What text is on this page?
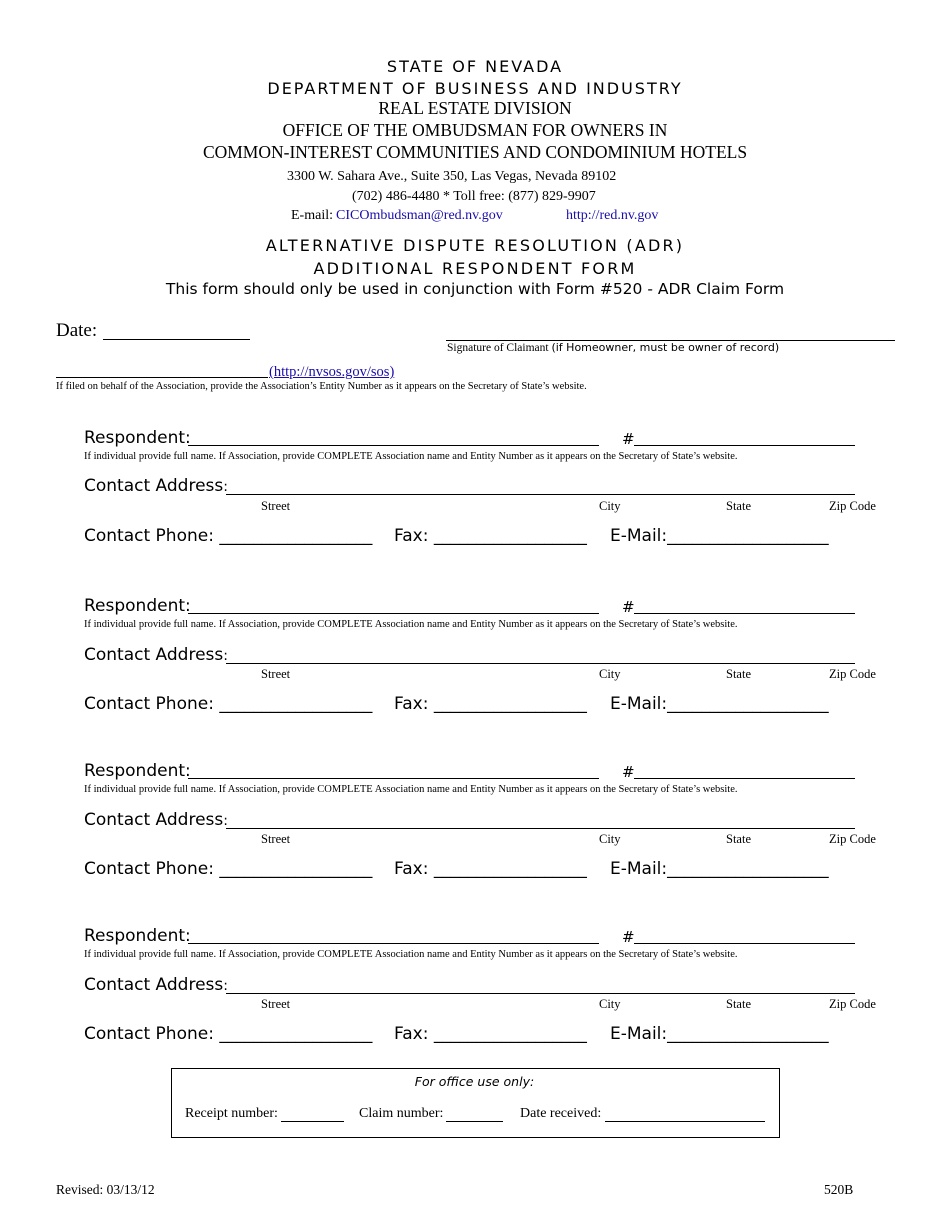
STATE OF NEVADA
DEPARTMENT OF BUSINESS AND INDUSTRY
REAL ESTATE DIVISION
OFFICE OF THE OMBUDSMAN FOR OWNERS IN
COMMON-INTEREST COMMUNITIES AND CONDOMINIUM HOTELS
3300 W. Sahara Ave., Suite 350, Las Vegas, Nevada 89102
(702) 486-4480 * Toll free: (877) 829-9907
E-mail: CICOmbudsman@red.nv.gov	http://red.nv.gov
ALTERNATIVE DISPUTE RESOLUTION (ADR)
ADDITIONAL RESPONDENT FORM
This form should only be used in conjunction with Form #520 - ADR Claim Form
Date:
Signature of Claimant (if Homeowner, must be owner of record)
(http://nvsos.gov/sos)
If filed on behalf of the Association, provide the Association’s Entity Number as it appears on the Secretary of State’s website.
Respondent:	#
If individual provide full name. If Association, provide COMPLETE Association name and Entity Number as it appears on the Secretary of State’s website.
Contact Address:
Street	City	State	Zip Code
Contact Phone: __________________ Fax: __________________ E-Mail:___________________
Respondent:	#
If individual provide full name. If Association, provide COMPLETE Association name and Entity Number as it appears on the Secretary of State’s website.
Contact Address:
Street	City	State	Zip Code
Contact Phone: __________________ Fax: __________________ E-Mail:___________________
Respondent:	#
If individual provide full name. If Association, provide COMPLETE Association name and Entity Number as it appears on the Secretary of State’s website.
Contact Address:
Street	City	State	Zip Code
Contact Phone: __________________ Fax: __________________ E-Mail:___________________
Respondent:	#
If individual provide full name. If Association, provide COMPLETE Association name and Entity Number as it appears on the Secretary of State’s website.
Contact Address:
Street	City	State	Zip Code
Contact Phone: __________________ Fax: __________________ E-Mail:___________________
For office use only:
Receipt number:	Claim number:	Date received:
Revised: 03/13/12	520B
